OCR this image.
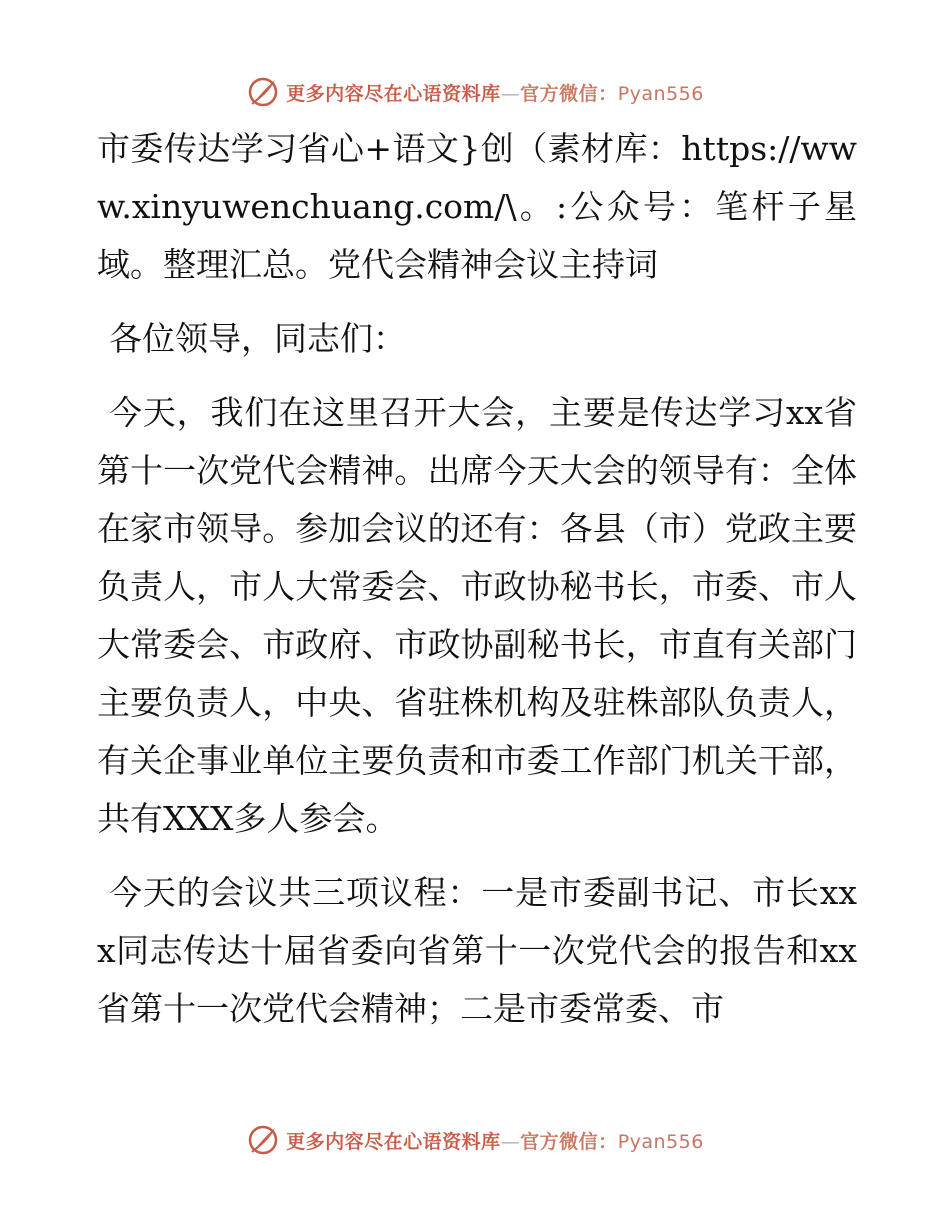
更多内容尽在心语资料库—官方微信：Pyan556

市委传达学习省心+语文}创（素材库：https://www.xinyuwenchuang.com/\。:公众号：笔杆子星域。整理汇总。党代会精神会议主持词

各位领导，同志们：

今天，我们在这里召开大会，主要是传达学习xx省第十一次党代会精神。出席今天大会的领导有：全体在家市领导。参加会议的还有：各县（市）党政主要负责人，市人大常委会、市政协秘书长，市委、市人大常委会、市政府、市政协副秘书长，市直有关部门主要负责人，中央、省驻株机构及驻株部队负责人，有关企事业单位主要负责和市委工作部门机关干部，共有XXX多人参会。

今天的会议共三项议程：一是市委副书记、市长xxx同志传达十届省委向省第十一次党代会的报告和xx省第十一次党代会精神；二是市委常委、市

更多内容尽在心语资料库—官方微信：Pyan556
